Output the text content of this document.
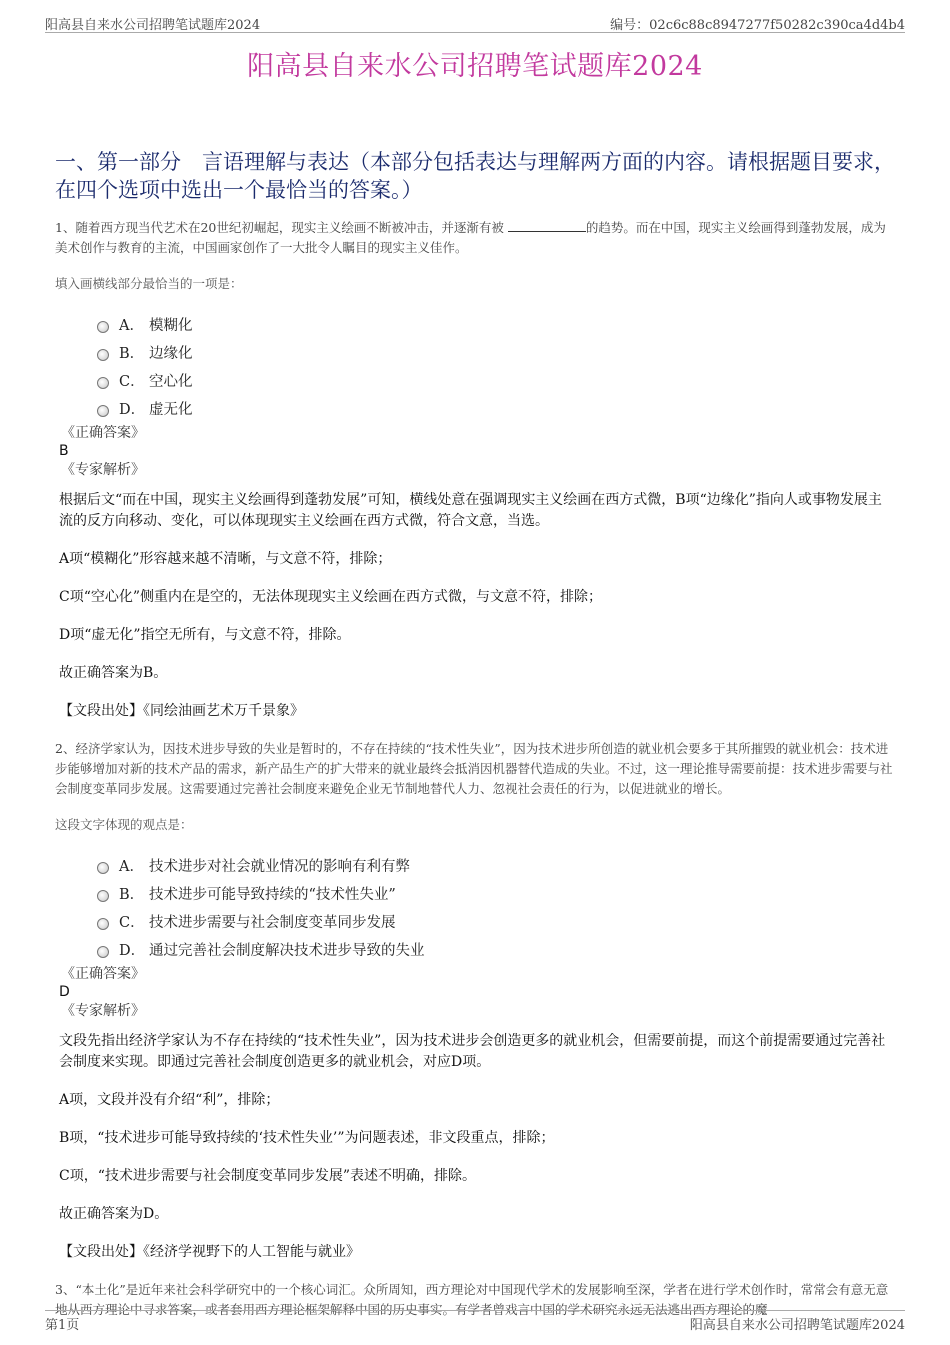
阳高县自来水公司招聘笔试题库2024	编号：02c6c88c8947277f50282c390ca4d4b4
阳高县自来水公司招聘笔试题库2024
一、第一部分　言语理解与表达（本部分包括表达与理解两方面的内容。请根据题目要求，在四个选项中选出一个最恰当的答案。）

1、随着西方现当代艺术在20世纪初崛起，现实主义绘画不断被冲击，并逐渐有被	的趋势。而在中国，现实主义绘画得到蓬勃发展，成为美术创作与教育的主流，中国画家创作了一大批令人瞩目的现实主义佳作。

填入画横线部分最恰当的一项是：

A． 模糊化
B． 边缘化
C． 空心化
D． 虚无化
《正确答案》
B
《专家解析》

根据后文“而在中国，现实主义绘画得到蓬勃发展”可知，横线处意在强调现实主义绘画在西方式微，B项“边缘化”指向人或事物发展主流的反方向移动、变化，可以体现现实主义绘画在西方式微，符合文意，当选。

A项“模糊化”形容越来越不清晰，与文意不符，排除；

C项“空心化”侧重内在是空的，无法体现现实主义绘画在西方式微，与文意不符，排除；

D项“虚无化”指空无所有，与文意不符，排除。

故正确答案为B。

【文段出处】《同绘油画艺术万千景象》

2、经济学家认为，因技术进步导致的失业是暂时的，不存在持续的“技术性失业”，因为技术进步所创造的就业机会要多于其所摧毁的就业机会：技术进步能够增加对新的技术产品的需求，新产品生产的扩大带来的就业最终会抵消因机器替代造成的失业。不过，这一理论推导需要前提：技术进步需要与社会制度变革同步发展。这需要通过完善社会制度来避免企业无节制地替代人力、忽视社会责任的行为，以促进就业的增长。

这段文字体现的观点是：

A． 技术进步对社会就业情况的影响有利有弊
B． 技术进步可能导致持续的“技术性失业”
C． 技术进步需要与社会制度变革同步发展
D． 通过完善社会制度解决技术进步导致的失业
《正确答案》
D
《专家解析》

文段先指出经济学家认为不存在持续的“技术性失业”，因为技术进步会创造更多的就业机会，但需要前提，而这个前提需要通过完善社会制度来实现。即通过完善社会制度创造更多的就业机会，对应D项。

A项，文段并没有介绍“利”，排除；

B项，“技术进步可能导致持续的‘技术性失业’”为问题表述，非文段重点，排除；

C项，“技术进步需要与社会制度变革同步发展”表述不明确，排除。

故正确答案为D。

【文段出处】《经济学视野下的人工智能与就业》

3、“本土化”是近年来社会科学研究中的一个核心词汇。众所周知，西方理论对中国现代学术的发展影响至深，学者在进行学术创作时，常常会有意无意地从西方理论中寻求答案，或者套用西方理论框架解释中国的历史事实。有学者曾戏言中国的学术研究永远无法逃出西方理论的魔

第1页	阳高县自来水公司招聘笔试题库2024
